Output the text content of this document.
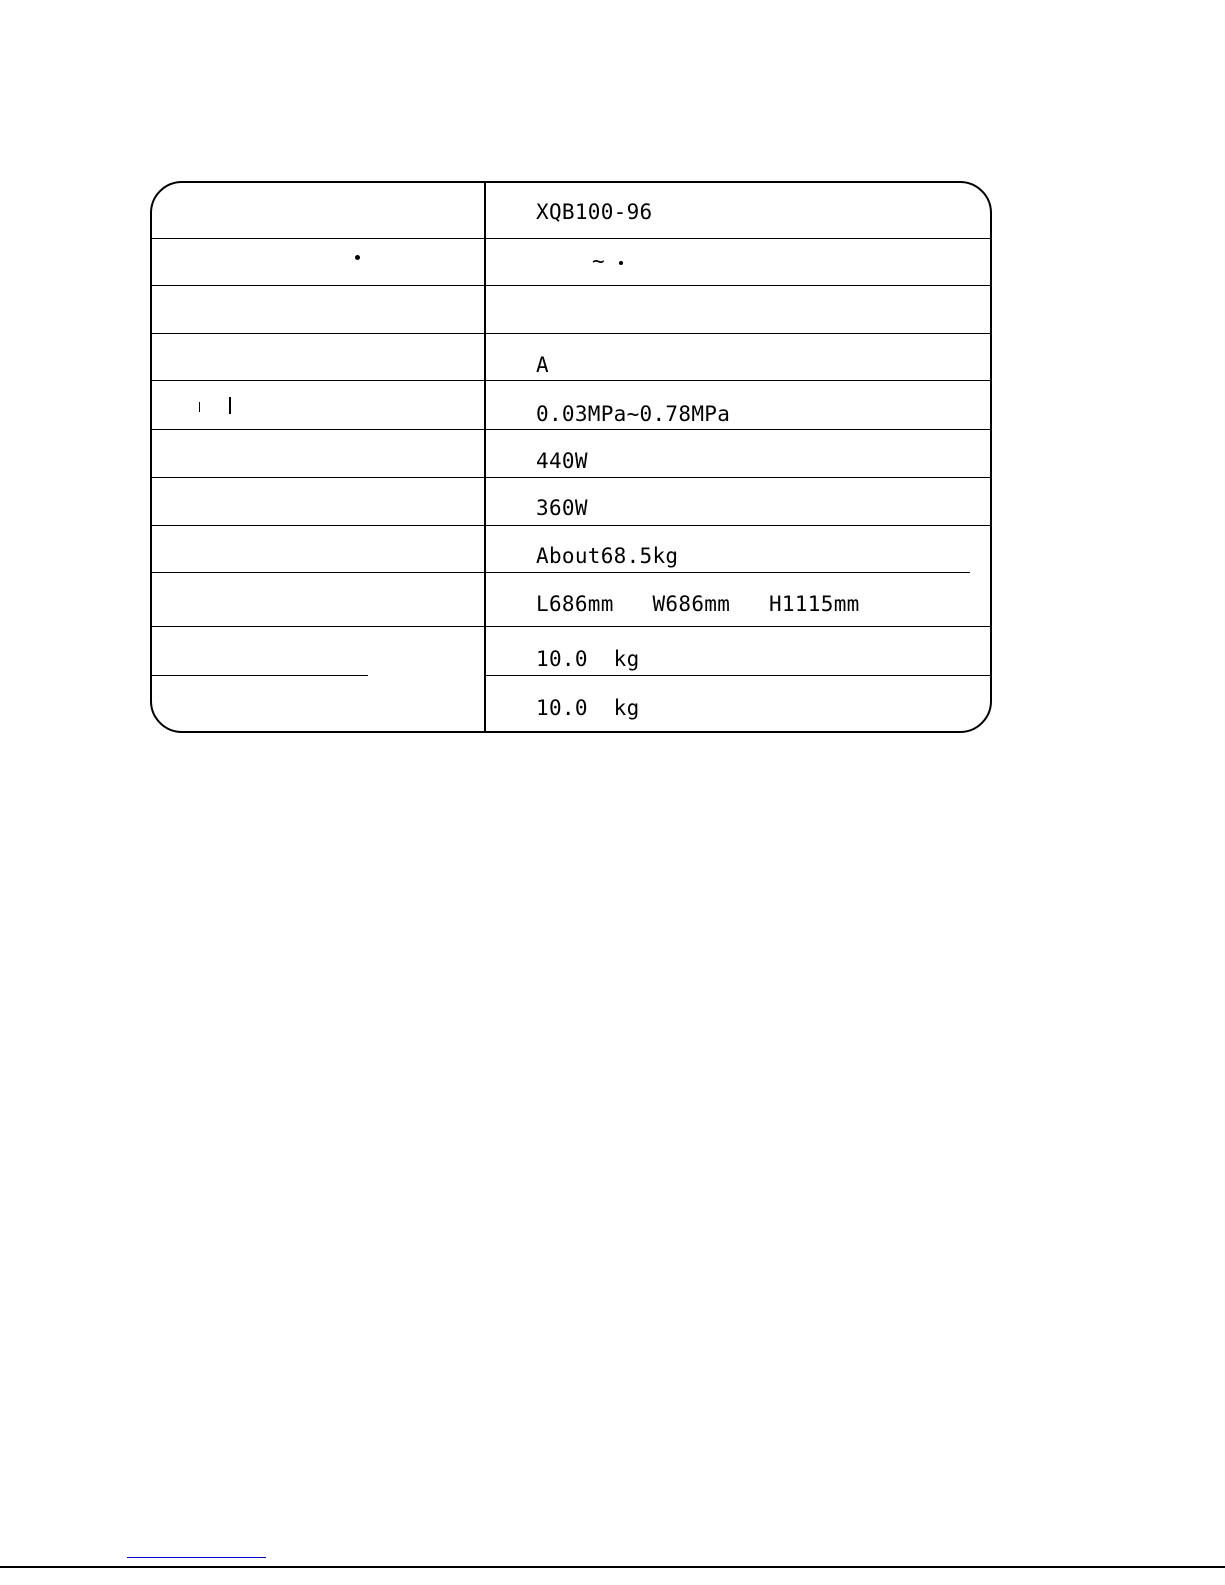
XQB100-96
~
A
0.03MPa~0.78MPa
440W
360W
About68.5kg
L686mm   W686mm   H1115mm
10.0  kg
10.0  kg
